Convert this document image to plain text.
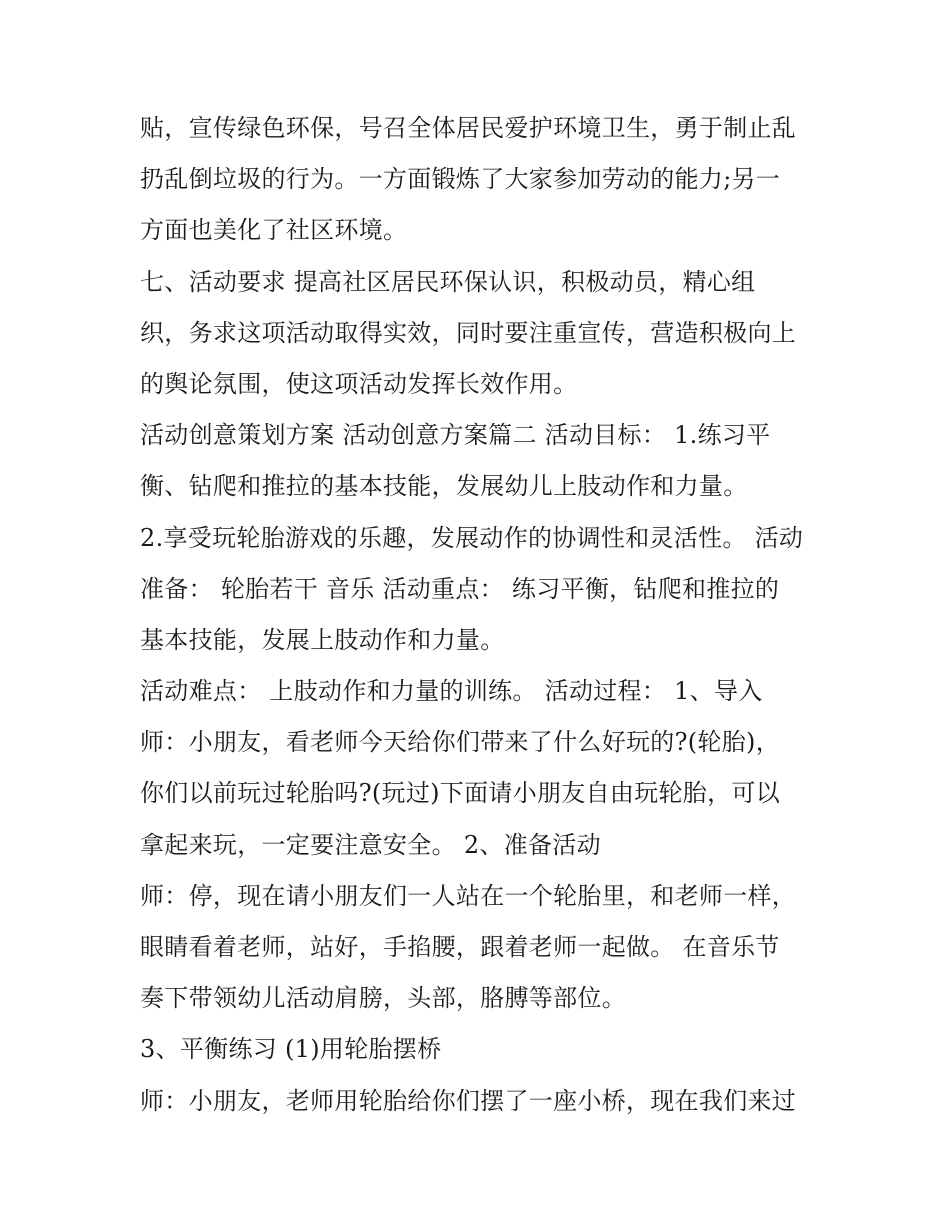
贴，宣传绿色环保，号召全体居民爱护环境卫生，勇于制止乱
扔乱倒垃圾的行为。一方面锻炼了大家参加劳动的能力;另一
方面也美化了社区环境。
七、活动要求 提高社区居民环保认识，积极动员，精心组
织，务求这项活动取得实效，同时要注重宣传，营造积极向上
的舆论氛围，使这项活动发挥长效作用。
活动创意策划方案 活动创意方案篇二 活动目标： 1.练习平
衡、钻爬和推拉的基本技能，发展幼儿上肢动作和力量。
2.享受玩轮胎游戏的乐趣，发展动作的协调性和灵活性。 活动
准备： 轮胎若干 音乐 活动重点： 练习平衡，钻爬和推拉的
基本技能，发展上肢动作和力量。
活动难点： 上肢动作和力量的训练。 活动过程： 1、导入
师：小朋友，看老师今天给你们带来了什么好玩的?(轮胎)，
你们以前玩过轮胎吗?(玩过)下面请小朋友自由玩轮胎，可以
拿起来玩，一定要注意安全。 2、准备活动
师：停，现在请小朋友们一人站在一个轮胎里，和老师一样，
眼睛看着老师，站好，手掐腰，跟着老师一起做。 在音乐节
奏下带领幼儿活动肩膀，头部，胳膊等部位。
3、平衡练习 (1)用轮胎摆桥
师：小朋友，老师用轮胎给你们摆了一座小桥，现在我们来过
